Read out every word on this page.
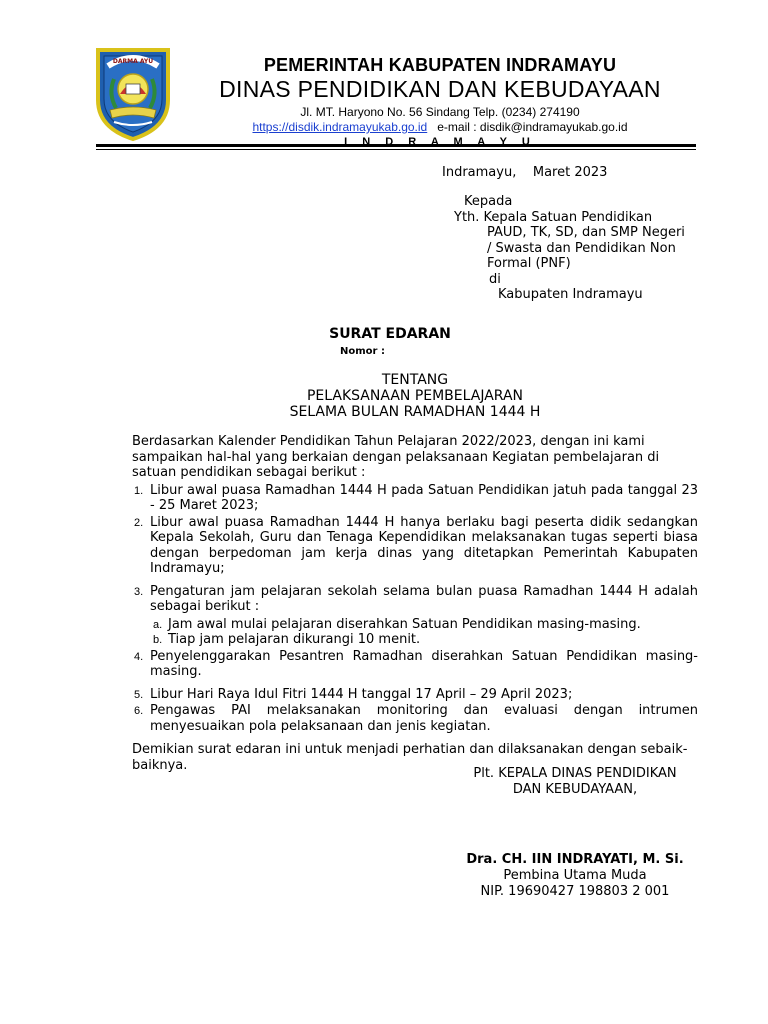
DARMA AYU	PEMERINTAH KABUPATEN INDRAMAYU
DINAS PENDIDIKAN DAN KEBUDAYAAN
Jl. MT. Haryono No. 56 Sindang Telp. (0234) 274190
https://disdik.indramayukab.go.id   e-mail : disdik@indramayukab.go.id
I N D R A M A Y U
Indramayu,    Maret 2023
Kepada
Yth. Kepala Satuan Pendidikan
PAUD, TK, SD, dan SMP Negeri
/ Swasta dan Pendidikan Non
Formal (PNF)
di
Kabupaten Indramayu
SURAT EDARAN
Nomor :
TENTANG
PELAKSANAAN PEMBELAJARAN
SELAMA BULAN RAMADHAN 1444 H
Berdasarkan Kalender Pendidikan Tahun Pelajaran 2022/2023, dengan ini kami sampaikan hal-hal yang berkaian dengan pelaksanaan Kegiatan pembelajaran di satuan pendidikan sebagai berikut :
1. Libur awal puasa Ramadhan 1444 H pada Satuan Pendidikan jatuh pada tanggal 23 - 25 Maret 2023;
2. Libur awal puasa Ramadhan 1444 H hanya berlaku bagi peserta didik sedangkan Kepala Sekolah, Guru dan Tenaga Kependidikan melaksanakan tugas seperti biasa dengan berpedoman jam kerja dinas yang ditetapkan Pemerintah Kabupaten Indramayu;
3. Pengaturan jam pelajaran sekolah selama bulan puasa Ramadhan 1444 H adalah sebagai berikut :
a. Jam awal mulai pelajaran diserahkan Satuan Pendidikan masing-masing.
b. Tiap jam pelajaran dikurangi 10 menit.
4. Penyelenggarakan Pesantren Ramadhan diserahkan Satuan Pendidikan masing-masing.
5. Libur Hari Raya Idul Fitri 1444 H tanggal 17 April – 29 April 2023;
6. Pengawas PAI melaksanakan monitoring dan evaluasi dengan intrumen menyesuaikan pola pelaksanaan dan jenis kegiatan.
Demikian surat edaran ini untuk menjadi perhatian dan dilaksanakan dengan sebaik-baiknya.
Plt. KEPALA DINAS PENDIDIKAN
DAN KEBUDAYAAN,
Dra. CH. IIN INDRAYATI, M. Si.
Pembina Utama Muda
NIP. 19690427 198803 2 001
